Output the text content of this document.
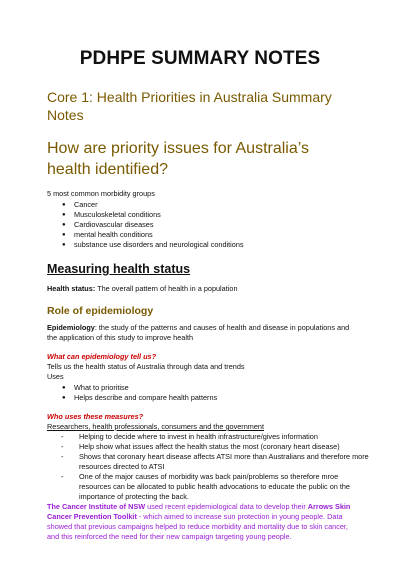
PDHPE SUMMARY NOTES
Core 1: Health Priorities in Australia Summary Notes
How are priority issues for Australia’s health identified?

5 most common morbidity groups

● Cancer
● Musculoskeletal conditions
● Cardiovascular diseases
● mental health conditions
● substance use disorders and neurological conditions
Measuring health status

Health status: The overall pattern of health in a population

Role of epidemiology

Epidemiology: the study of the patterns and causes of health and disease in populations and the application of this study to improve health

What can epidemiology tell us?

Tells us the health status of Australia through data and trends

Uses

● What to prioritise
● Helps describe and compare health patterns

Who uses these measures?

Researchers, health professionals, consumers and the government

- Helping to decide where to invest in health infrastructure/gives information
- Help show what issues affect the health status the most (coronary heart disease)
- Shows that coronary heart disease affects ATSI more than Australians and therefore more resources directed to ATSI
- One of the major causes of morbidity was back pain/problems so therefore mroe resources can be allocated to public health advocations to educate the public on the importance of protecting the back.

The Cancer Institute of NSW used recent epidemiological data to develop their Arrows Skin Cancer Prevention Toolkit - which aimed to increase sun protection in young people. Data showed that previous campaigns helped to reduce morbidity and mortality due to skin cancer, and this reinforced the need for their new campaign targeting young people.
